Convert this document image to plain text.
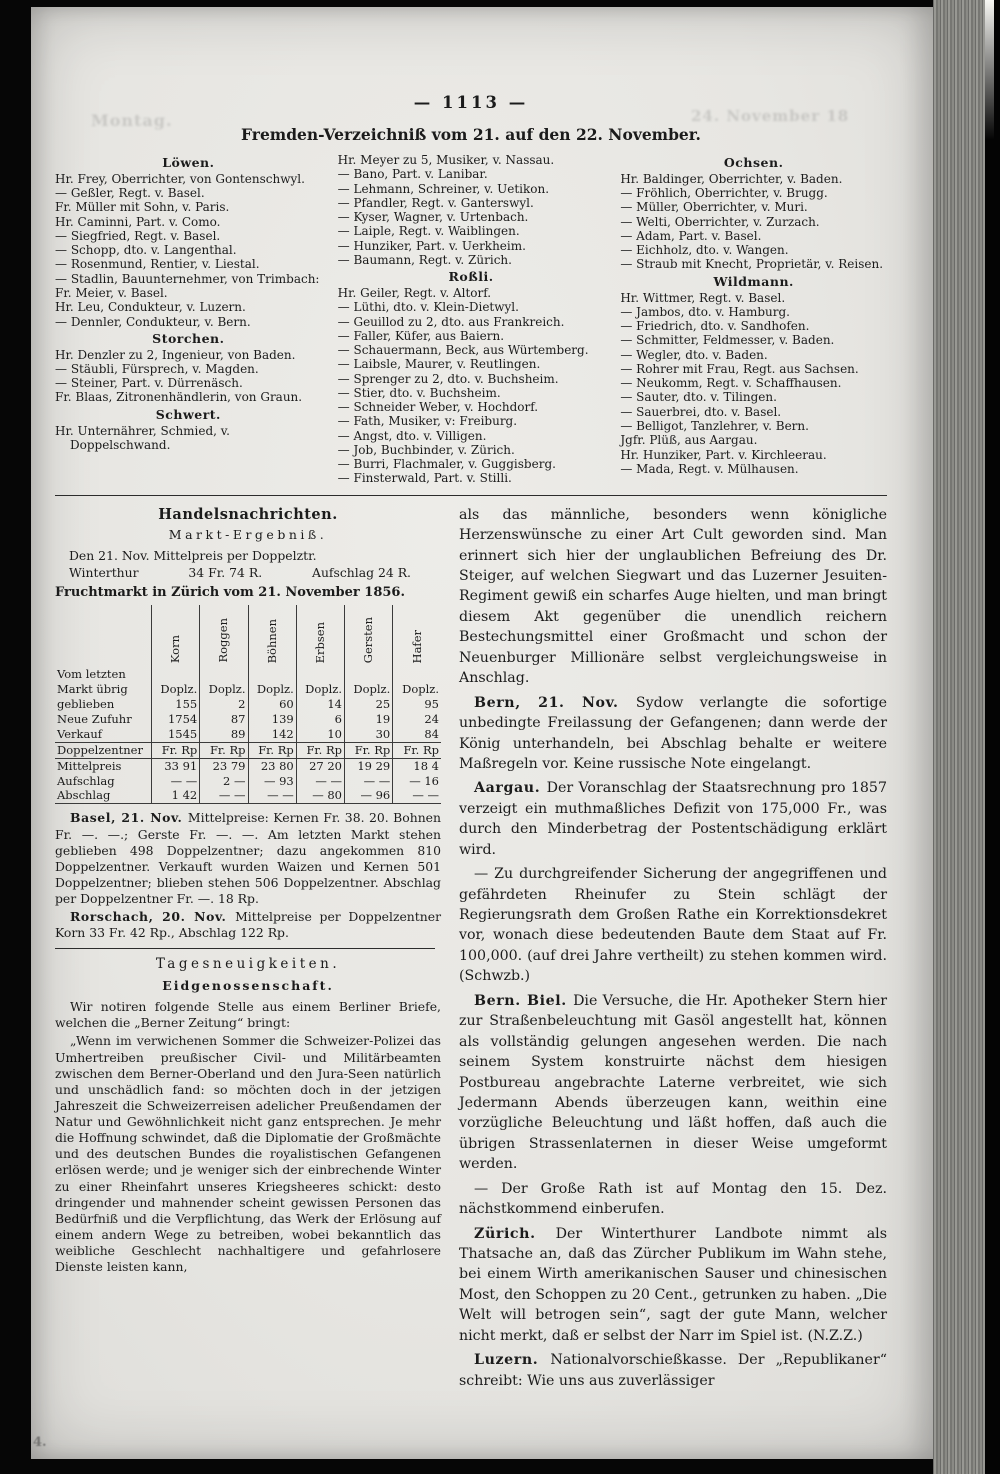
Montag.	24. November 18
4.
— 1113 —
Fremden-Verzeichniß vom 21. auf den 22. November.
Löwen.
Hr. Frey, Oberrichter, von Gontenschwyl.
— Geßler, Regt. v. Basel.
Fr. Müller mit Sohn, v. Paris.
Hr. Caminni, Part. v. Como.
— Siegfried, Regt. v. Basel.
— Schopp, dto. v. Langenthal.
— Rosenmund, Rentier, v. Liestal.
— Stadlin, Bauunternehmer, von Trimbach:
Fr. Meier, v. Basel.
Hr. Leu, Condukteur, v. Luzern.
— Dennler, Condukteur, v. Bern.
Storchen.
Hr. Denzler zu 2, Ingenieur, von Baden.
— Stäubli, Fürsprech, v. Magden.
— Steiner, Part. v. Dürrenäsch.
Fr. Blaas, Zitronenhändlerin, von Graun.
Schwert.
Hr. Unternährer, Schmied, v. Doppelschwand.
Hr. Meyer zu 5, Musiker, v. Nassau.
— Bano, Part. v. Lanibar.
— Lehmann, Schreiner, v. Uetikon.
— Pfandler, Regt. v. Ganterswyl.
— Kyser, Wagner, v. Urtenbach.
— Laiple, Regt. v. Waiblingen.
— Hunziker, Part. v. Uerkheim.
— Baumann, Regt. v. Zürich.
Roßli.
Hr. Geiler, Regt. v. Altorf.
— Lüthi, dto. v. Klein-Dietwyl.
— Geuillod zu 2, dto. aus Frankreich.
— Faller, Küfer, aus Baiern.
— Schauermann, Beck, aus Würtemberg.
— Laibsle, Maurer, v. Reutlingen.
— Sprenger zu 2, dto. v. Buchsheim.
— Stier, dto. v. Buchsheim.
— Schneider Weber, v. Hochdorf.
— Fath, Musiker, v: Freiburg.
— Angst, dto. v. Villigen.
— Job, Buchbinder, v. Zürich.
— Burri, Flachmaler, v. Guggisberg.
— Finsterwald, Part. v. Stilli.
Ochsen.
Hr. Baldinger, Oberrichter, v. Baden.
— Fröhlich, Oberrichter, v. Brugg.
— Müller, Oberrichter, v. Muri.
— Welti, Oberrichter, v. Zurzach.
— Adam, Part. v. Basel.
— Eichholz, dto. v. Wangen.
— Straub mit Knecht, Proprietär, v. Reisen.
Wildmann.
Hr. Wittmer, Regt. v. Basel.
— Jambos, dto. v. Hamburg.
— Friedrich, dto. v. Sandhofen.
— Schmitter, Feldmesser, v. Baden.
— Wegler, dto. v. Baden.
— Rohrer mit Frau, Regt. aus Sachsen.
— Neukomm, Regt. v. Schaffhausen.
— Sauter, dto. v. Tilingen.
— Sauerbrei, dto. v. Basel.
— Belligot, Tanzlehrer, v. Bern.
Jgfr. Plüß, aus Aargau.
Hr. Hunziker, Part. v. Kirchleerau.
— Mada, Regt. v. Mülhausen.
Handelsnachrichten.
Markt-Ergebniß.
Den 21. Nov. Mittelpreis per Doppelztr.
Winterthur	34 Fr. 74 R.	Aufschlag 24 R.
Fruchtmarkt in Zürich vom 21. November 1856.
	Korn	Roggen	Böhnen	Erbsen	Gersten	Hafer
Vom letzten						
Markt übrig	Doplz.	Doplz.	Doplz.	Doplz.	Doplz.	Doplz.
geblieben	155	2	60	14	25	95
Neue Zufuhr	1754	87	139	6	19	24
Verkauf	1545	89	142	10	30	84
Doppelzentner	Fr. Rp	Fr. Rp	Fr. Rp	Fr. Rp	Fr. Rp	Fr. Rp
Mittelpreis	33 91	23 79	23 80	27 20	19 29	18 4
Aufschlag	— —	2 —	— 93	— —	— —	— 16
Abschlag	1 42	— —	— —	— 80	— 96	— —

Basel, 21. Nov. Mittelpreise: Kernen Fr. 38. 20. Bohnen Fr. —. —.; Gerste Fr. —. —. Am letzten Markt stehen geblieben 498 Doppelzentner; dazu angekommen 810 Doppelzentner. Verkauft wurden Waizen und Kernen 501 Doppelzentner; blieben stehen 506 Doppelzentner. Abschlag per Doppelzentner Fr. —. 18 Rp.

Rorschach, 20. Nov. Mittelpreise per Doppelzentner Korn 33 Fr. 42 Rp., Abschlag 122 Rp.

Tagesneuigkeiten.
Eidgenossenschaft.

Wir notiren folgende Stelle aus einem Berliner Briefe, welchen die „Berner Zeitung“ bringt:

„Wenn im verwichenen Sommer die Schweizer-Polizei das Umhertreiben preußischer Civil- und Militärbeamten zwischen dem Berner-Oberland und den Jura-Seen natürlich und unschädlich fand: so möchten doch in der jetzigen Jahreszeit die Schweizerreisen adelicher Preußendamen der Natur und Gewöhnlichkeit nicht ganz entsprechen. Je mehr die Hoffnung schwindet, daß die Diplomatie der Großmächte und des deutschen Bundes die royalistischen Gefangenen erlösen werde; und je weniger sich der einbrechende Winter zu einer Rheinfahrt unseres Kriegsheeres schickt: desto dringender und mahnender scheint gewissen Personen das Bedürfniß und die Verpflichtung, das Werk der Erlösung auf einem andern Wege zu betreiben, wobei bekanntlich das weibliche Geschlecht nachhaltigere und gefahrlosere Dienste leisten kann,

als das männliche, besonders wenn königliche Herzenswünsche zu einer Art Cult geworden sind. Man erinnert sich hier der unglaublichen Befreiung des Dr. Steiger, auf welchen Siegwart und das Luzerner Jesuiten-Regiment gewiß ein scharfes Auge hielten, und man bringt diesem Akt gegenüber die unendlich reichern Bestechungsmittel einer Großmacht und schon der Neuenburger Millionäre selbst vergleichungsweise in Anschlag.

Bern, 21. Nov. Sydow verlangte die sofortige unbedingte Freilassung der Gefangenen; dann werde der König unterhandeln, bei Abschlag behalte er weitere Maßregeln vor. Keine russische Note eingelangt.

Aargau. Der Voranschlag der Staatsrechnung pro 1857 verzeigt ein muthmaßliches Defizit von 175,000 Fr., was durch den Minderbetrag der Postentschädigung erklärt wird.

— Zu durchgreifender Sicherung der angegriffenen und gefährdeten Rheinufer zu Stein schlägt der Regierungsrath dem Großen Rathe ein Korrektionsdekret vor, wonach diese bedeutenden Baute dem Staat auf Fr. 100,000. (auf drei Jahre vertheilt) zu stehen kommen wird. (Schwzb.)

Bern. Biel. Die Versuche, die Hr. Apotheker Stern hier zur Straßenbeleuchtung mit Gasöl angestellt hat, können als vollständig gelungen angesehen werden. Die nach seinem System konstruirte nächst dem hiesigen Postbureau angebrachte Laterne verbreitet, wie sich Jedermann Abends überzeugen kann, weithin eine vorzügliche Beleuchtung und läßt hoffen, daß auch die übrigen Strassenlaternen in dieser Weise umgeformt werden.

— Der Große Rath ist auf Montag den 15. Dez. nächstkommend einberufen.

Zürich. Der Winterthurer Landbote nimmt als Thatsache an, daß das Zürcher Publikum im Wahn stehe, bei einem Wirth amerikanischen Sauser und chinesischen Most, den Schoppen zu 20 Cent., getrunken zu haben. „Die Welt will betrogen sein“, sagt der gute Mann, welcher nicht merkt, daß er selbst der Narr im Spiel ist. (N.Z.Z.)

Luzern. Nationalvorschießkasse. Der „Republikaner“ schreibt: Wie uns aus zuverlässiger
